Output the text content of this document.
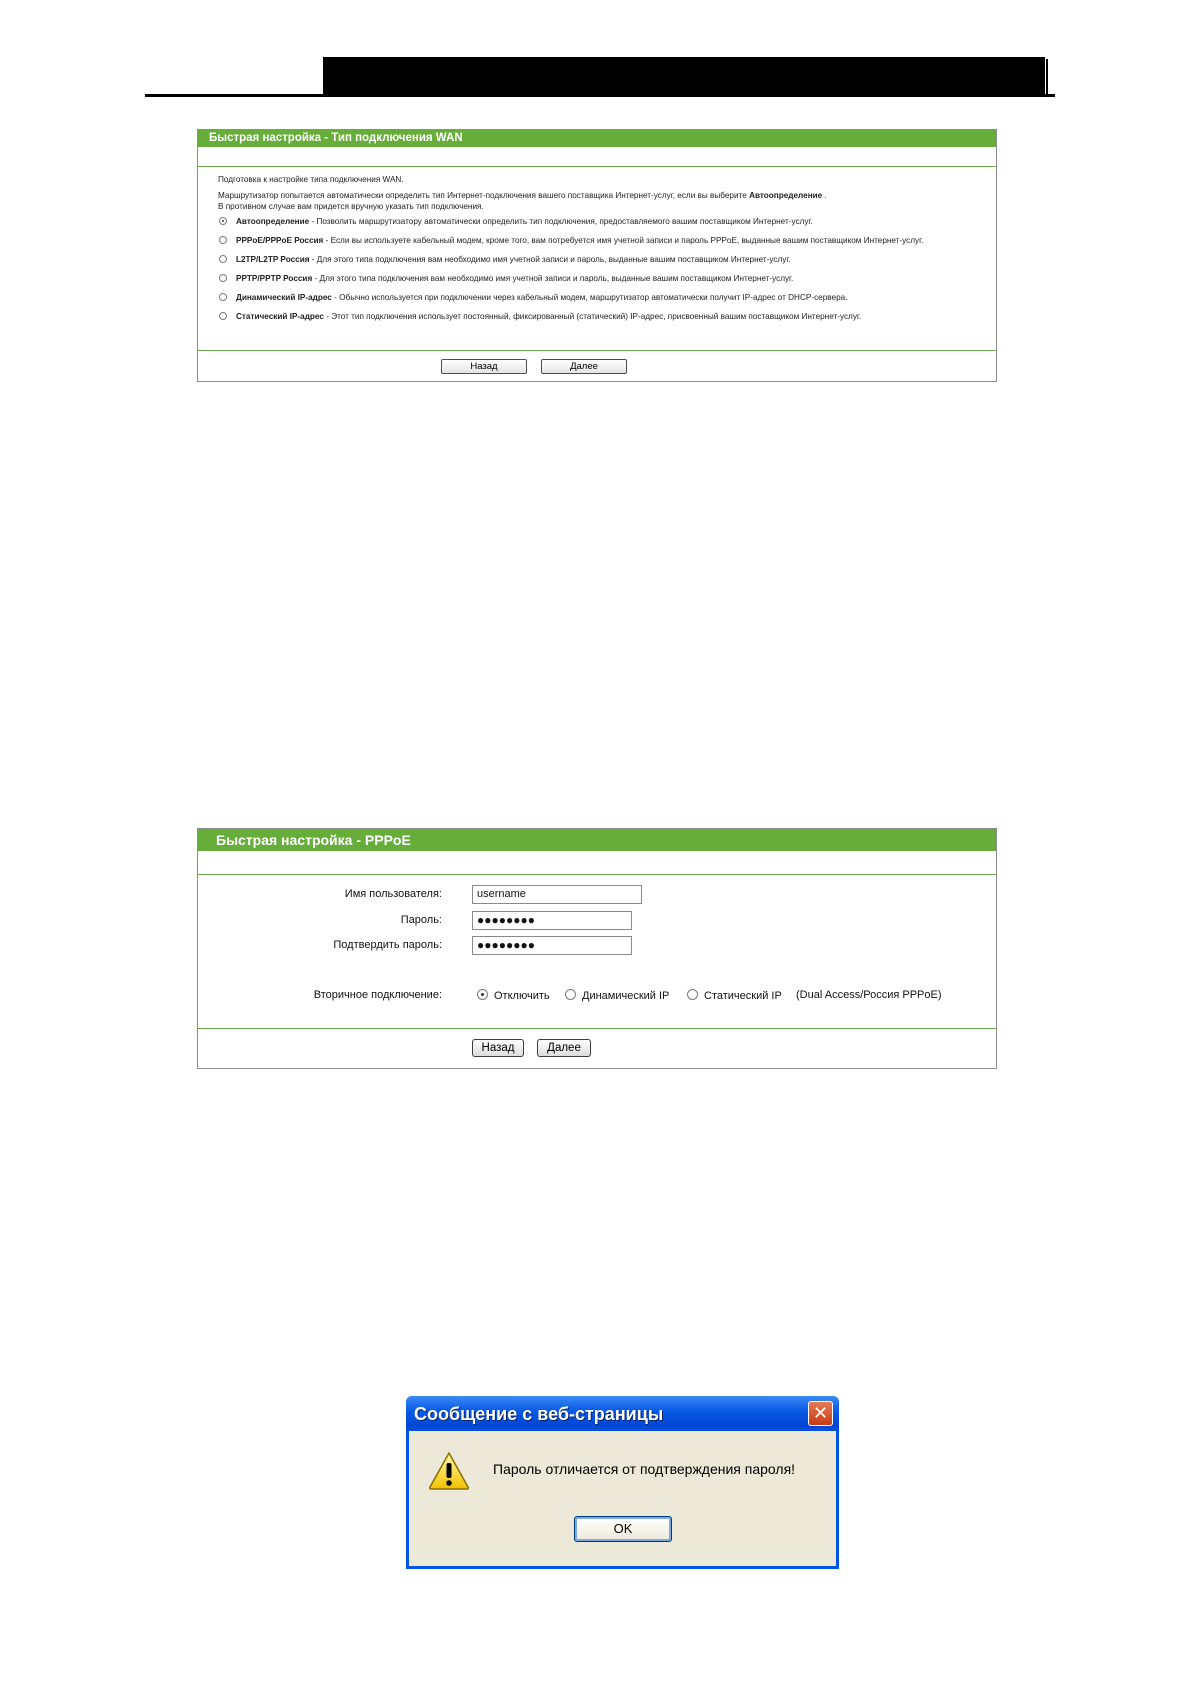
Быстрая настройка - Тип подключения WAN
Подготовка к настройке типа подключения WAN.
Маршрутизатор попытается автоматически определить тип Интернет-подключения вашего поставщика Интернет-услуг, если вы выберите Автоопределение .
В противном случае вам придется вручную указать тип подключения.
Автоопределение - Позволить маршрутизатору автоматически определить тип подключения, предоставляемого вашим поставщиком Интернет-услуг.
PPPoE/PPPoE Россия - Если вы используете кабельный модем, кроме того, вам потребуется имя учетной записи и пароль PPPoE, выданные вашим поставщиком Интернет-услуг.
L2TP/L2TP Россия - Для этого типа подключения вам необходимо имя учетной записи и пароль, выданные вашим поставщиком Интернет-услуг.
PPTP/PPTP Россия - Для этого типа подключения вам необходимо имя учетной записи и пароль, выданные вашим поставщиком Интернет-услуг.
Динамический IP-адрес - Обычно используется при подключении через кабельный модем, маршрутизатор автоматически получит IP-адрес от DHCP-сервера.
Статический IP-адрес - Этот тип подключения использует постоянный, фиксированный (статический) IP-адрес, присвоенный вашим поставщиком Интернет-услуг.
Назад	Далее
Быстрая настройка - PPPoE
Имя пользователя:	username
Пароль:	●●●●●●●●
Подтвердить пароль:	●●●●●●●●
Вторичное подключение:	Отключить	Динамический IP	Статический IP (Dual Access/Россия PPPoE)
Назад	Далее
Сообщение с веб-страницы	✕
Пароль отличается от подтверждения пароля!
OK
